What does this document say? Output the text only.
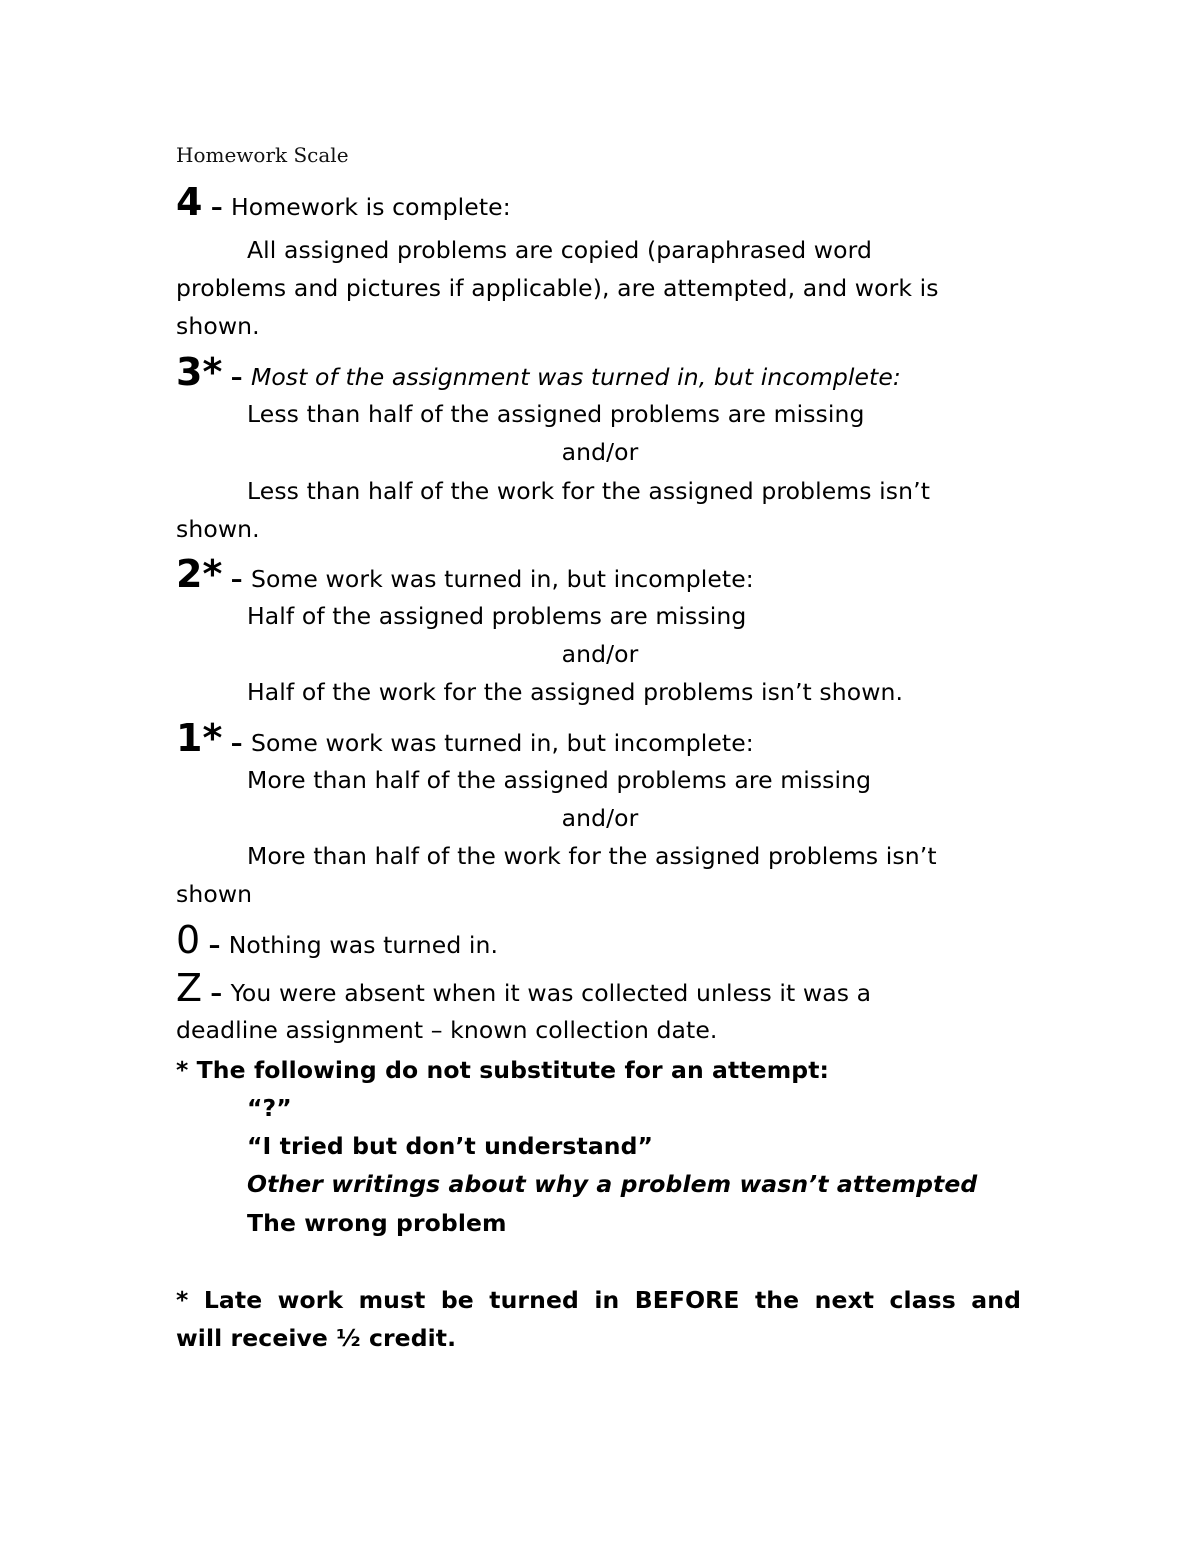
Homework Scale
4 – Homework is complete:
All assigned problems are copied (paraphrased word
problems and pictures if applicable), are attempted, and work is
shown.
3* – Most of the assignment was turned in, but incomplete:
Less than half of the assigned problems are missing
and/or
Less than half of the work for the assigned problems isn’t
shown.
2* – Some work was turned in, but incomplete:
Half of the assigned problems are missing
and/or
Half of the work for the assigned problems isn’t shown.
1* – Some work was turned in, but incomplete:
More than half of the assigned problems are missing
and/or
More than half of the work for the assigned problems isn’t
shown
0 – Nothing was turned in.
Z – You were absent when it was collected unless it was a
deadline assignment – known collection date.
* The following do not substitute for an attempt:
“?”
“I tried but don’t understand”
Other writings about why a problem wasn’t attempted
The wrong problem
* Late work must be turned in BEFORE the next class and
will receive ½ credit.
